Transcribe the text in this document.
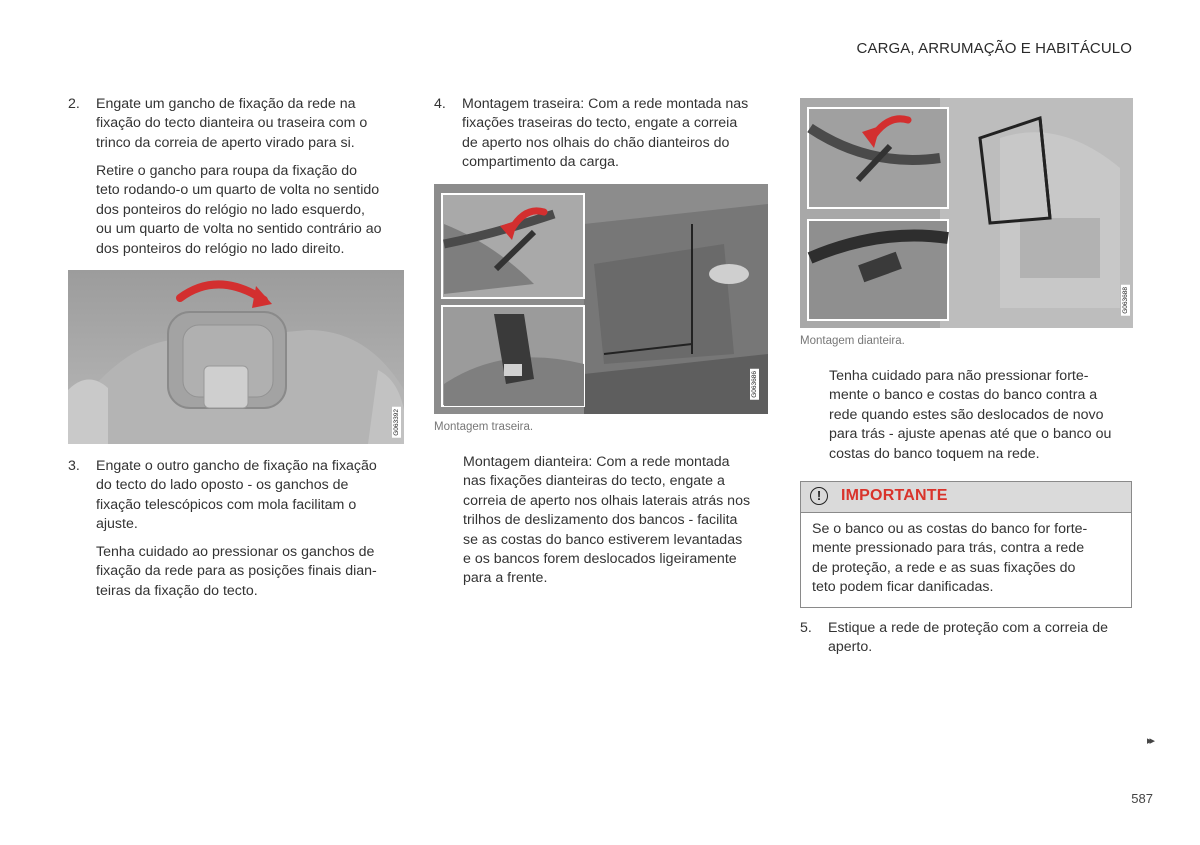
CARGA, ARRUMAÇÃO E HABITÁCULO
2. Engate um gancho de fixação da rede na
fixação do tecto dianteira ou traseira com o
trinco da correia de aperto virado para si.
Retire o gancho para roupa da fixação do
teto rodando-o um quarto de volta no sentido
dos ponteiros do relógio no lado esquerdo,
ou um quarto de volta no sentido contrário ao
dos ponteiros do relógio no lado direito.
G063392
3. Engate o outro gancho de fixação na fixação
do tecto do lado oposto - os ganchos de
fixação telescópicos com mola facilitam o
ajuste.
Tenha cuidado ao pressionar os ganchos de
fixação da rede para as posições finais dian-
teiras da fixação do tecto.
4. Montagem traseira: Com a rede montada nas
fixações traseiras do tecto, engate a correia
de aperto nos olhais do chão dianteiros do
compartimento da carga.
G063686
Montagem traseira.
Montagem dianteira: Com a rede montada
nas fixações dianteiras do tecto, engate a
correia de aperto nos olhais laterais atrás nos
trilhos de deslizamento dos bancos - facilita
se as costas do banco estiverem levantadas
e os bancos forem deslocados ligeiramente
para a frente.
G063688
Montagem dianteira.
Tenha cuidado para não pressionar forte-
mente o banco e costas do banco contra a
rede quando estes são deslocados de novo
para trás - ajuste apenas até que o banco ou
costas do banco toquem na rede.
!	IMPORTANTE
Se o banco ou as costas do banco for forte-
mente pressionado para trás, contra a rede
de proteção, a rede e as suas fixações do
teto podem ficar danificadas.
5. Estique a rede de proteção com a correia de
aperto.
▸▸
587
